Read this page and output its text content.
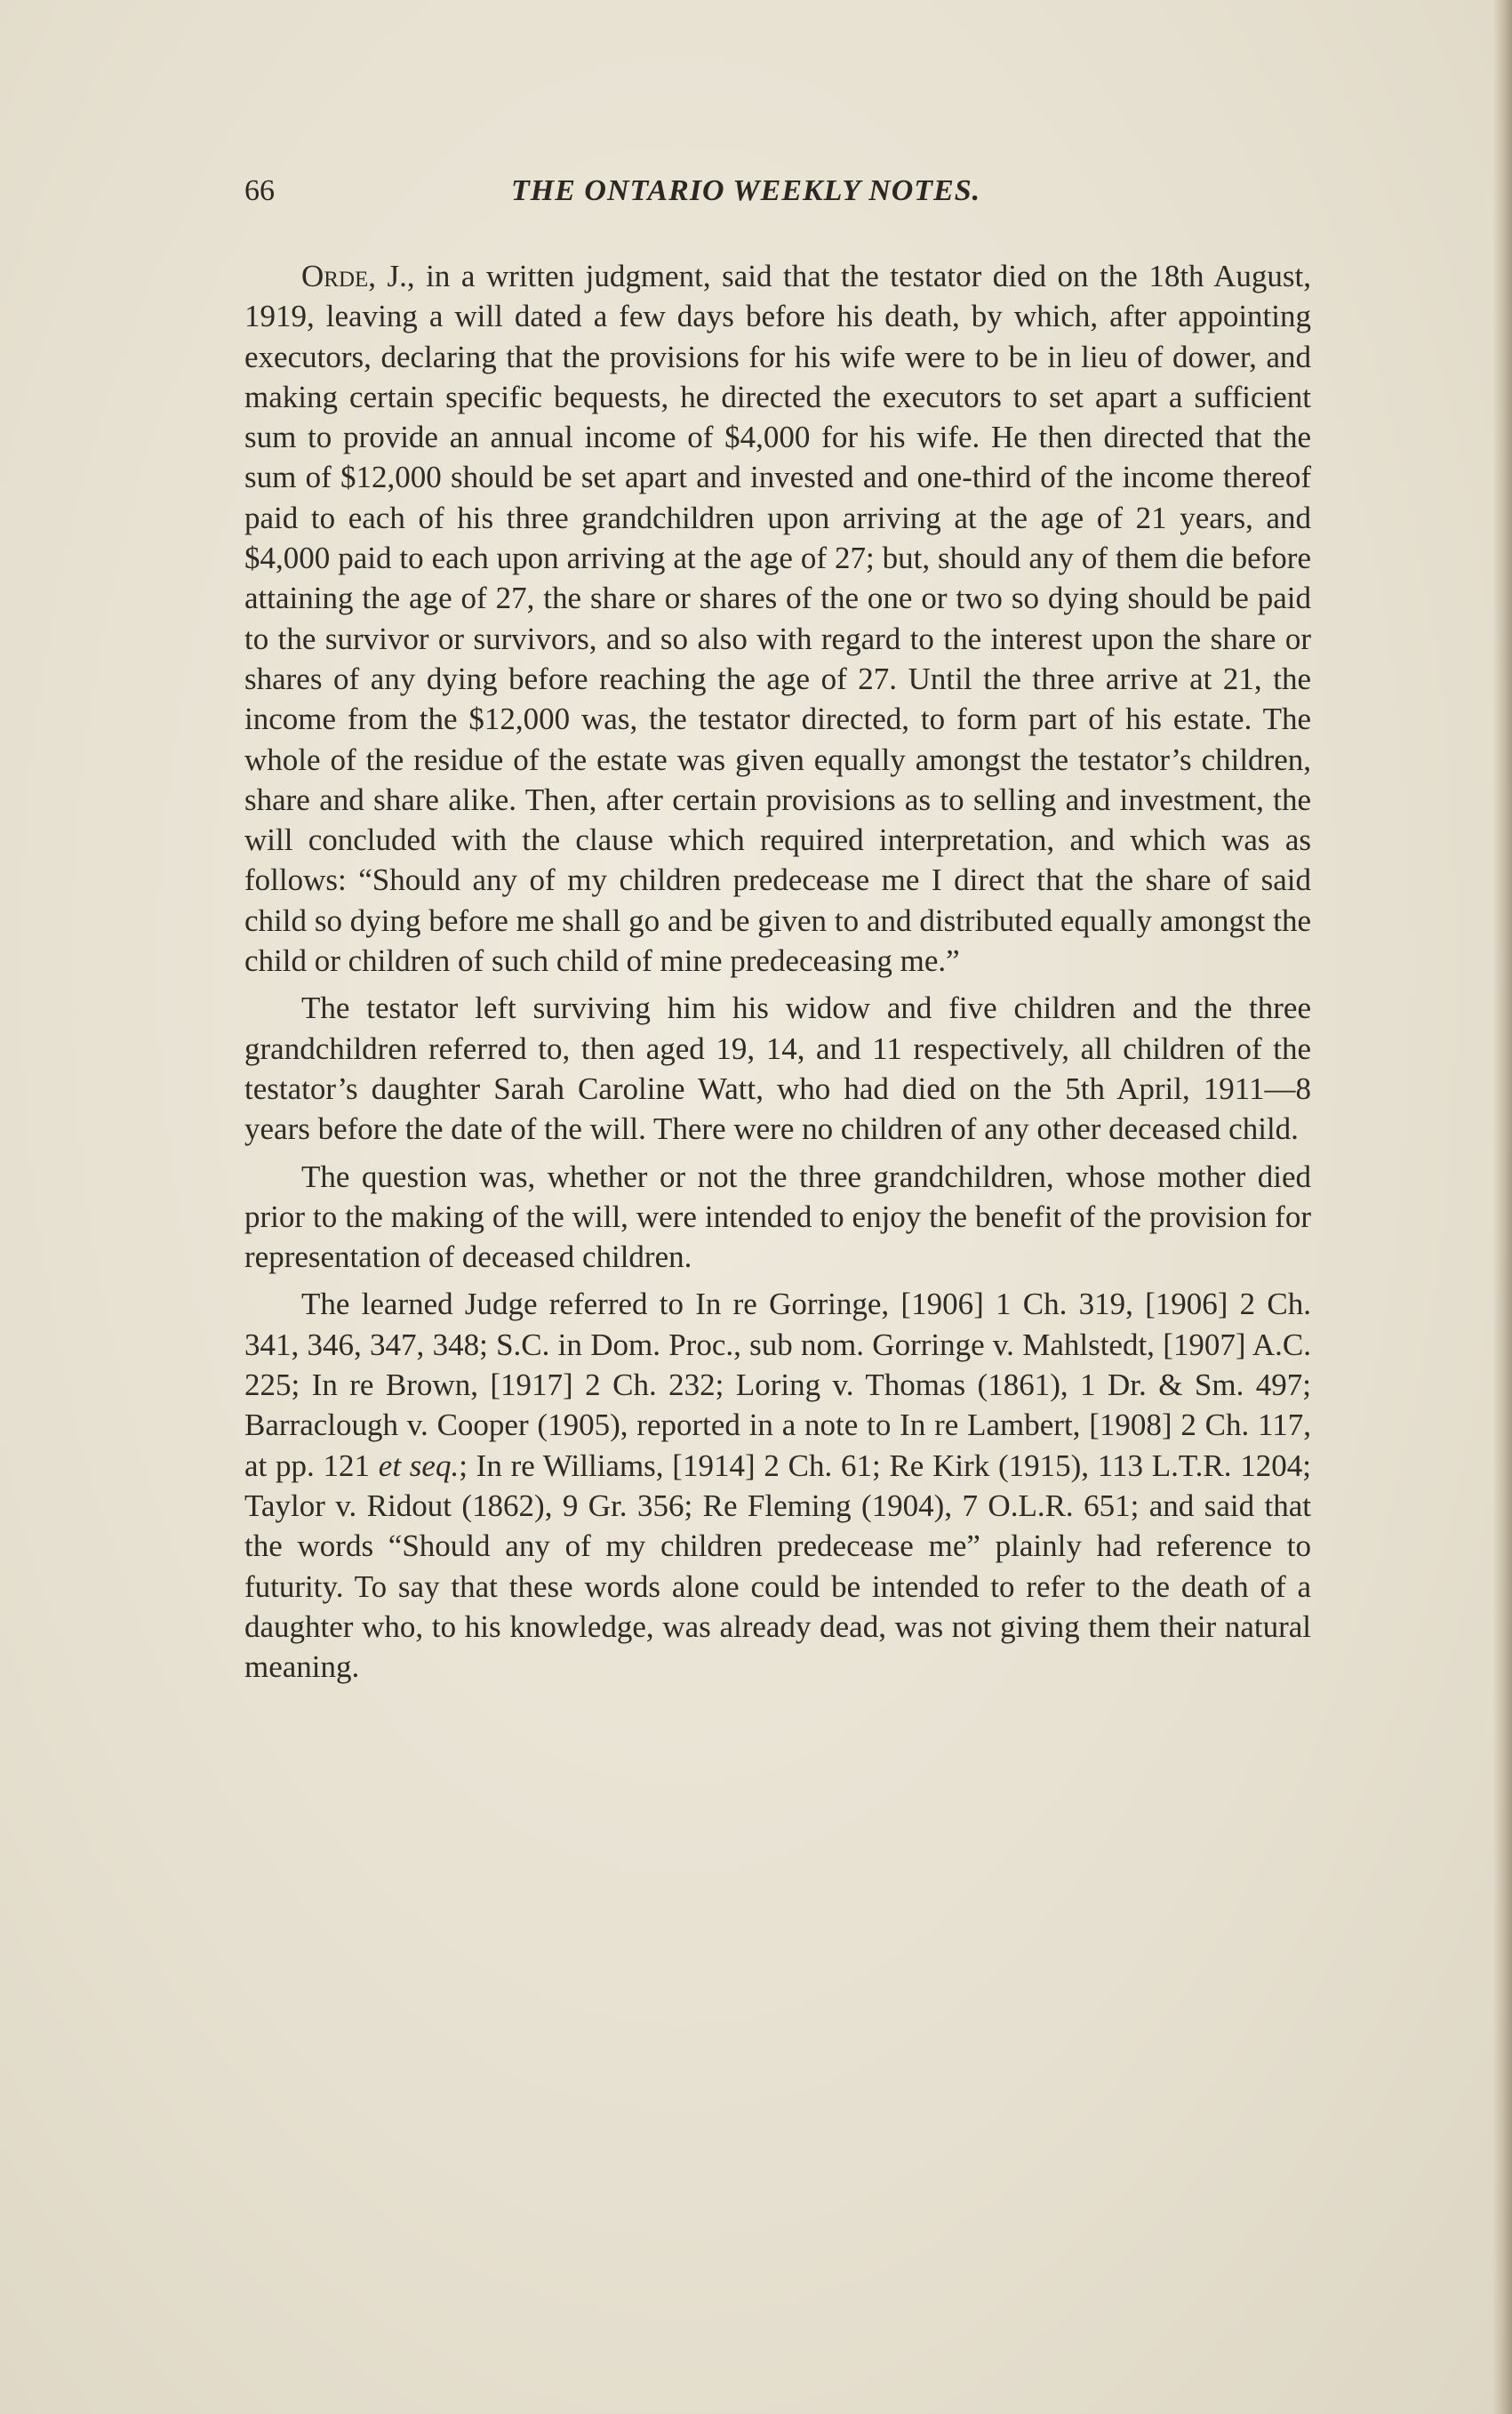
66	THE ONTARIO WEEKLY NOTES.

Orde, J., in a written judgment, said that the testator died on the 18th August, 1919, leaving a will dated a few days before his death, by which, after appointing executors, declaring that the provisions for his wife were to be in lieu of dower, and making certain specific bequests, he directed the executors to set apart a sufficient sum to provide an annual income of $4,000 for his wife. He then directed that the sum of $12,000 should be set apart and invested and one-third of the income thereof paid to each of his three grandchildren upon arriving at the age of 21 years, and $4,000 paid to each upon arriving at the age of 27; but, should any of them die before attaining the age of 27, the share or shares of the one or two so dying should be paid to the survivor or survivors, and so also with regard to the interest upon the share or shares of any dying before reaching the age of 27. Until the three arrive at 21, the income from the $12,000 was, the testator directed, to form part of his estate. The whole of the residue of the estate was given equally amongst the testator’s children, share and share alike. Then, after certain provisions as to selling and investment, the will concluded with the clause which required interpretation, and which was as follows: “Should any of my children predecease me I direct that the share of said child so dying before me shall go and be given to and distributed equally amongst the child or children of such child of mine predeceasing me.”

The testator left surviving him his widow and five children and the three grandchildren referred to, then aged 19, 14, and 11 respectively, all children of the testator’s daughter Sarah Caroline Watt, who had died on the 5th April, 1911—8 years before the date of the will. There were no children of any other deceased child.

The question was, whether or not the three grandchildren, whose mother died prior to the making of the will, were intended to enjoy the benefit of the provision for representation of deceased children.

The learned Judge referred to In re Gorringe, [1906] 1 Ch. 319, [1906] 2 Ch. 341, 346, 347, 348; S.C. in Dom. Proc., sub nom. Gorringe v. Mahlstedt, [1907] A.C. 225; In re Brown, [1917] 2 Ch. 232; Loring v. Thomas (1861), 1 Dr. & Sm. 497; Barraclough v. Cooper (1905), reported in a note to In re Lambert, [1908] 2 Ch. 117, at pp. 121 et seq.; In re Williams, [1914] 2 Ch. 61; Re Kirk (1915), 113 L.T.R. 1204; Taylor v. Ridout (1862), 9 Gr. 356; Re Fleming (1904), 7 O.L.R. 651; and said that the words “Should any of my children predecease me” plainly had reference to futurity. To say that these words alone could be intended to refer to the death of a daughter who, to his knowledge, was already dead, was not giving them their natural meaning.
